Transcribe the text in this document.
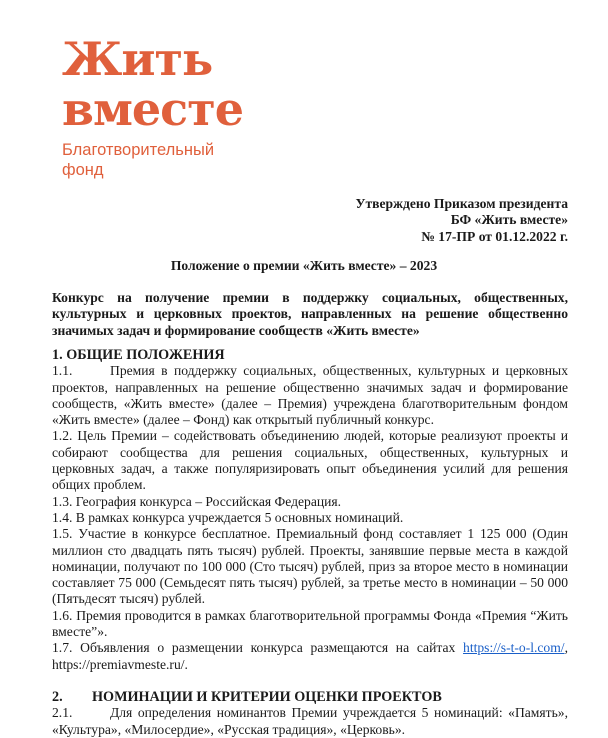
Жить
вместе
Благотворительный
фонд
Утверждено Приказом президента
БФ «Жить вместе»
№ 17-ПР от 01.12.2022 г.
Положение о премии «Жить вместе» – 2023
Конкурс на получение премии в поддержку социальных, общественных, культурных и церковных проектов, направленных на решение общественно значимых задач и формирование сообществ «Жить вместе»
1. ОБЩИЕ ПОЛОЖЕНИЯ

1.1.	Премия в поддержку социальных, общественных, культурных и церковных проектов, направленных на решение общественно значимых задач и формирование сообществ, «Жить вместе» (далее – Премия) учреждена благотворительным фондом «Жить вместе» (далее – Фонд) как открытый публичный конкурс.

1.2. Цель Премии – содействовать объединению людей, которые реализуют проекты и собирают сообщества для решения социальных, общественных, культурных и церковных задач, а также популяризировать опыт объединения усилий для решения общих проблем.

1.3. География конкурса – Российская Федерация.

1.4. В рамках конкурса учреждается 5 основных номинаций.

1.5. Участие в конкурсе бесплатное. Премиальный фонд составляет 1 125 000 (Один миллион сто двадцать пять тысяч) рублей. Проекты, занявшие первые места в каждой номинации, получают по 100 000 (Сто тысяч) рублей, приз за второе место в номинации составляет 75 000 (Семьдесят пять тысяч) рублей, за третье место в номинации – 50 000 (Пятьдесят тысяч) рублей.

1.6. Премия проводится в рамках благотворительной программы Фонда «Премия “Жить вместе”».

1.7. Объявления о размещении конкурса размещаются на сайтах https://s-t-o-l.com/, https://premiavmeste.ru/.

2. НОМИНАЦИИ И КРИТЕРИИ ОЦЕНКИ ПРОЕКТОВ

2.1.	Для определения номинантов Премии учреждается 5 номинаций: «Память», «Культура», «Милосердие», «Русская традиция», «Церковь».
